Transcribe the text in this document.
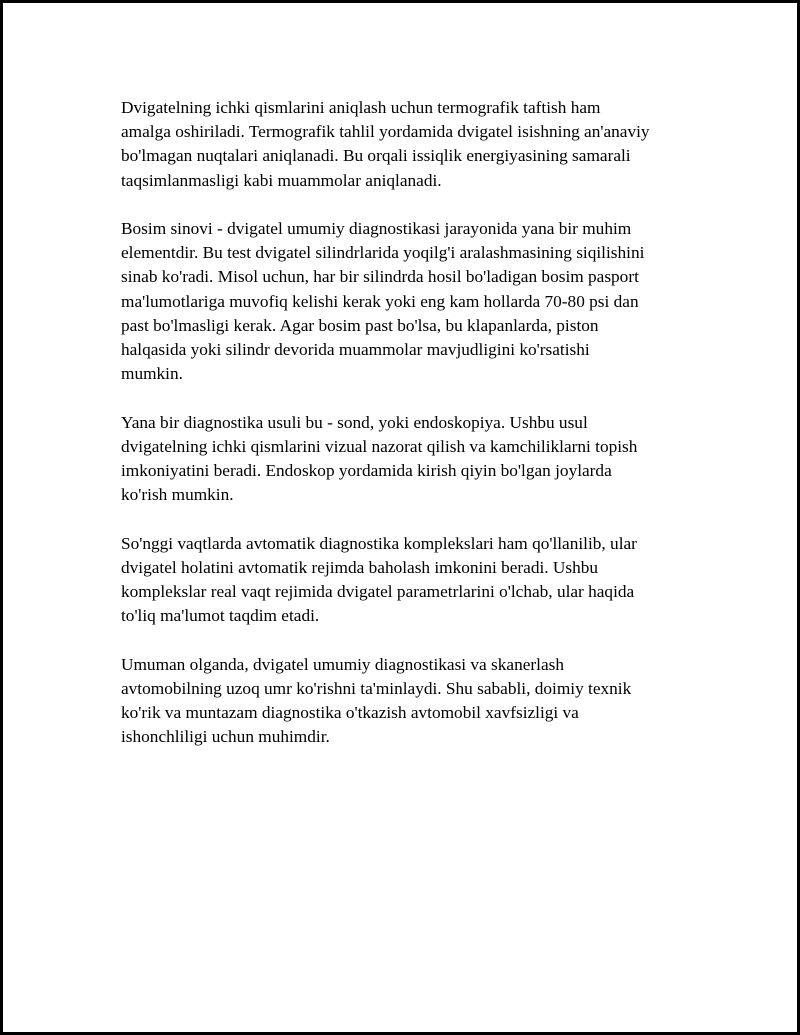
Dvigatelning ichki qismlarini aniqlash uchun termografik taftish ham
amalga oshiriladi. Termografik tahlil yordamida dvigatel isishning an'anaviy
bo'lmagan nuqtalari aniqlanadi. Bu orqali issiqlik energiyasining samarali
taqsimlanmasligi kabi muammolar aniqlanadi.

Bosim sinovi - dvigatel umumiy diagnostikasi jarayonida yana bir muhim
elementdir. Bu test dvigatel silindrlarida yoqilg'i aralashmasining siqilishini
sinab ko'radi. Misol uchun, har bir silindrda hosil bo'ladigan bosim pasport
ma'lumotlariga muvofiq kelishi kerak yoki eng kam hollarda 70-80 psi dan
past bo'lmasligi kerak. Agar bosim past bo'lsa, bu klapanlarda, piston
halqasida yoki silindr devorida muammolar mavjudligini ko'rsatishi
mumkin.

Yana bir diagnostika usuli bu - sond, yoki endoskopiya. Ushbu usul
dvigatelning ichki qismlarini vizual nazorat qilish va kamchiliklarni topish
imkoniyatini beradi. Endoskop yordamida kirish qiyin bo'lgan joylarda
ko'rish mumkin.

So'nggi vaqtlarda avtomatik diagnostika komplekslari ham qo'llanilib, ular
dvigatel holatini avtomatik rejimda baholash imkonini beradi. Ushbu
komplekslar real vaqt rejimida dvigatel parametrlarini o'lchab, ular haqida
to'liq ma'lumot taqdim etadi.

Umuman olganda, dvigatel umumiy diagnostikasi va skanerlash
avtomobilning uzoq umr ko'rishni ta'minlaydi. Shu sababli, doimiy texnik
ko'rik va muntazam diagnostika o'tkazish avtomobil xavfsizligi va
ishonchliligi uchun muhimdir.
